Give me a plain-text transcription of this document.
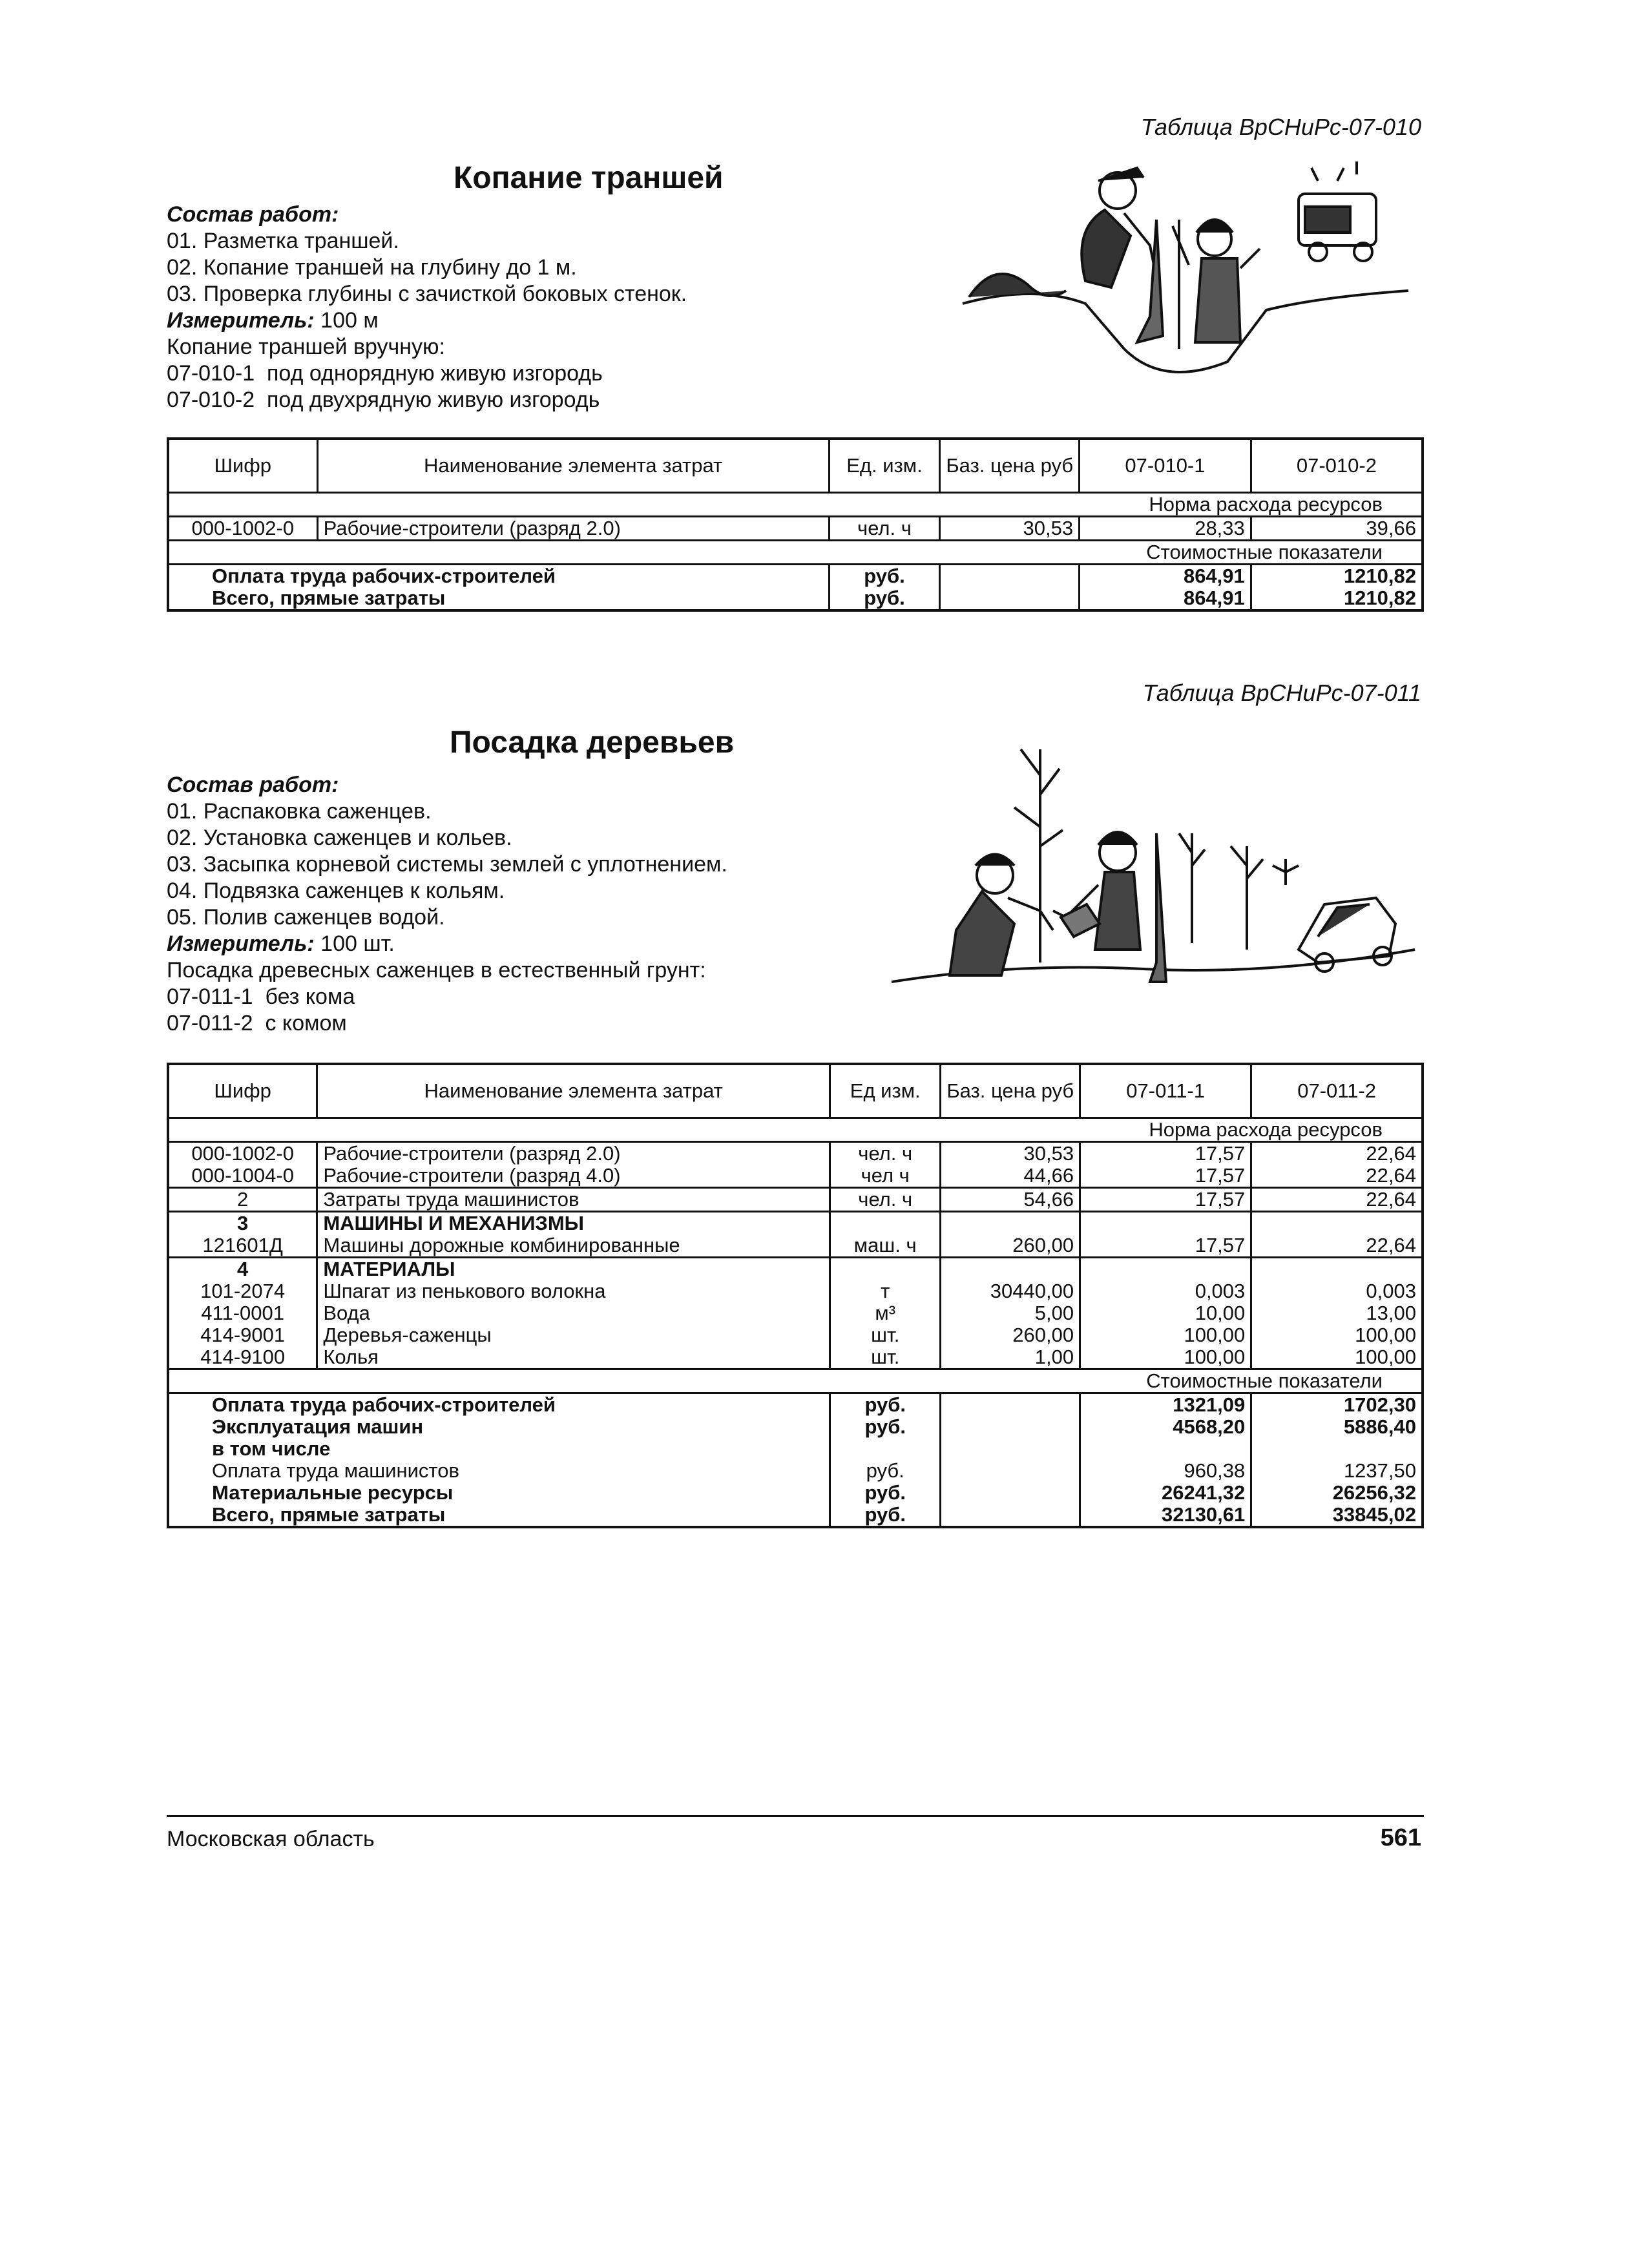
Таблица ВрСНиРс-07-010
Копание траншей
Состав работ:
01. Разметка траншей.
02. Копание траншей на глубину до 1 м.
03. Проверка глубины с зачисткой боковых стенок.
Измеритель: 100 м
Копание траншей вручную:
07-010-1 под однорядную живую изгородь
07-010-2 под двухрядную живую изгородь
Шифр	Наименование элемента затрат	Ед. изм.	Баз. цена руб	07-010-1	07-010-2
Норма расхода ресурсов					
000-1002-0	Рабочие-строители (разряд 2.0)	чел. ч	30,53	28,33	39,66
Стоимостные показатели					
Оплата труда рабочих-строителей		руб.		864,91	1210,82
Всего, прямые затраты		руб.		864,91	1210,82
Таблица ВрСНиРс-07-011
Посадка деревьев
Состав работ:
01. Распаковка саженцев.
02. Установка саженцев и кольев.
03. Засыпка корневой системы землей с уплотнением.
04. Подвязка саженцев к кольям.
05. Полив саженцев водой.
Измеритель: 100 шт.
Посадка древесных саженцев в естественный грунт:
07-011-1 без кома
07-011-2 с комом
Шифр	Наименование элемента затрат	Ед изм.	Баз. цена руб	07-011-1	07-011-2
Норма расхода ресурсов					
000-1002-0	Рабочие-строители (разряд 2.0)	чел. ч	30,53	17,57	22,64
000-1004-0	Рабочие-строители (разряд 4.0)	чел ч	44,66	17,57	22,64
2	Затраты труда машинистов	чел. ч	54,66	17,57	22,64
3	МАШИНЫ И МЕХАНИЗМЫ				
121601Д	Машины дорожные комбинированные	маш. ч	260,00	17,57	22,64
4	МАТЕРИАЛЫ				
101-2074	Шпагат из пенькового волокна	т	30440,00	0,003	0,003
411-0001	Вода	м³	5,00	10,00	13,00
414-9001	Деревья-саженцы	шт.	260,00	100,00	100,00
414-9100	Колья	шт.	1,00	100,00	100,00
Стоимостные показатели					
Оплата труда рабочих-строителей		руб.		1321,09	1702,30
Эксплуатация машин		руб.		4568,20	5886,40
в том числе					
Оплата труда машинистов		руб.		960,38	1237,50
Материальные ресурсы		руб.		26241,32	26256,32
Всего, прямые затраты		руб.		32130,61	33845,02
Московская область	561
